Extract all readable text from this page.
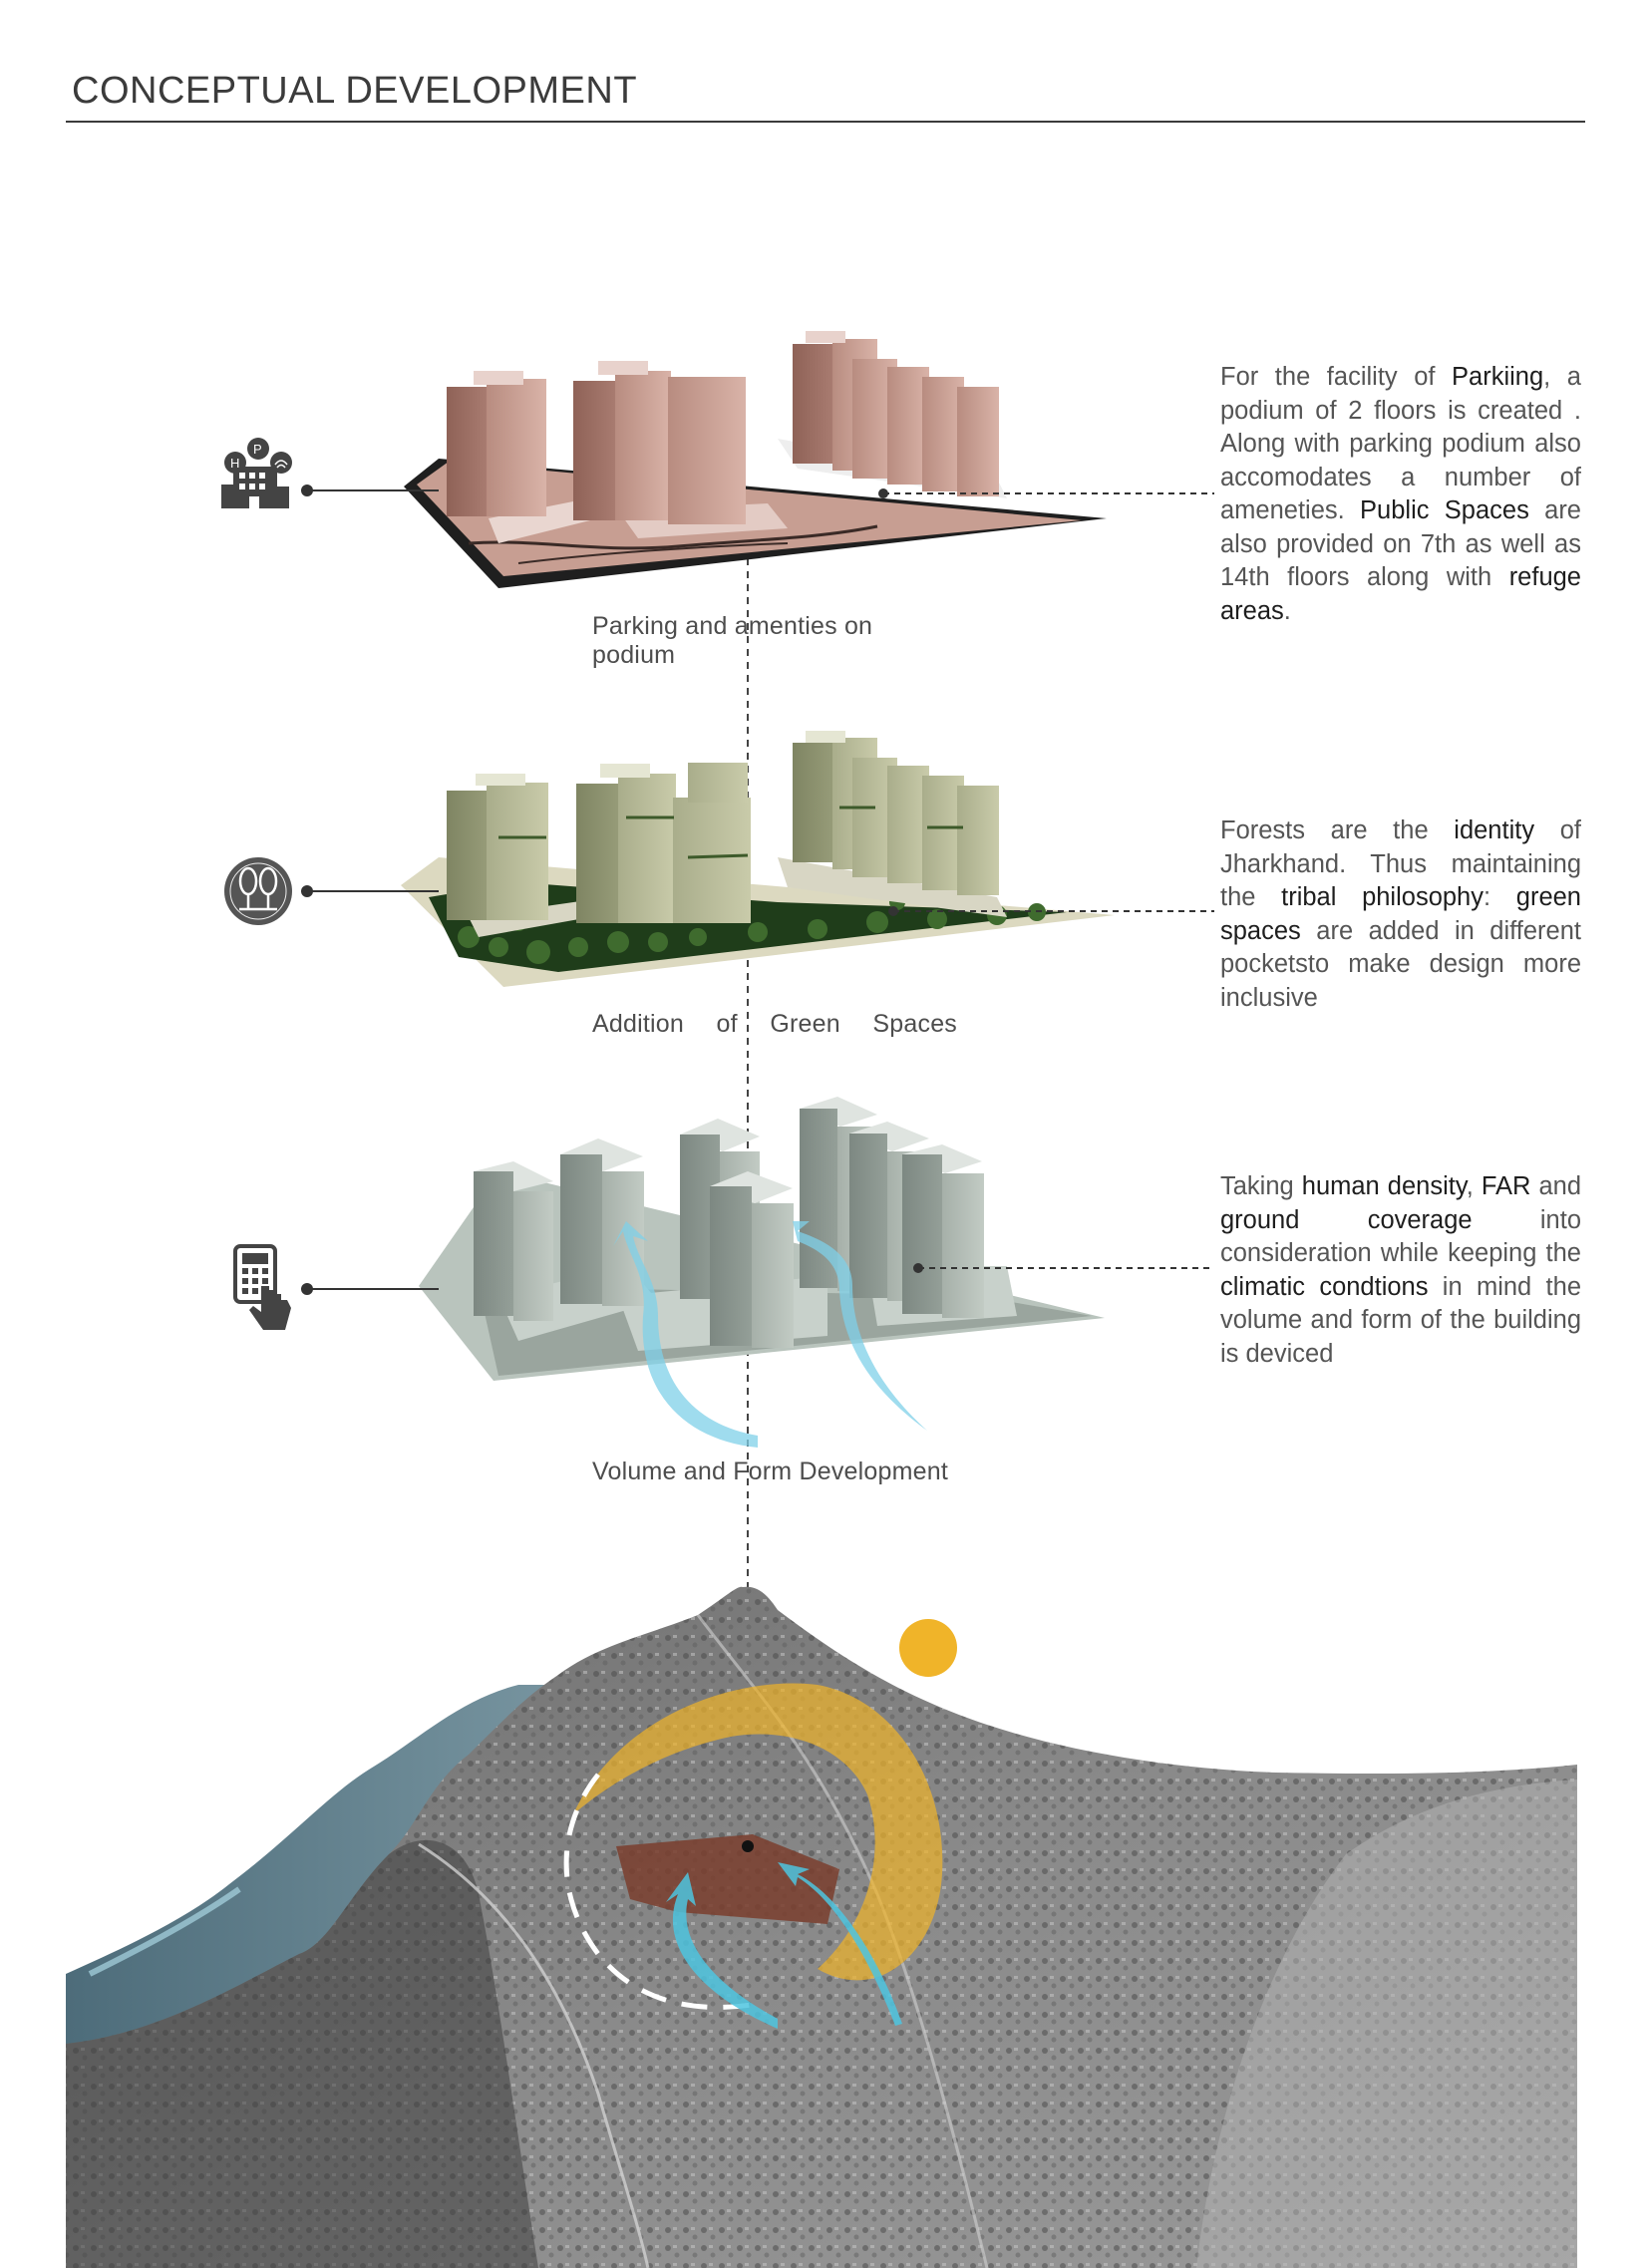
CONCEPTUAL DEVELOPMENT
H
P
Parking and amenties on podium
Addition of Green Spaces
Volume and Form Development
For the facility of Parkiing, a podium of 2 floors is created . Along with parking podium also accomodates a number of ameneties. Public Spaces are also provided on 7th as well as 14th floors along with refuge areas.
Forests are the identity of Jharkhand. Thus maintaining the tribal philosophy: green spaces are added in different pocketsto make design more inclusive
Taking human density, FAR and ground coverage into consideration while keeping the climatic condtions in mind the volume and form of the building is deviced
